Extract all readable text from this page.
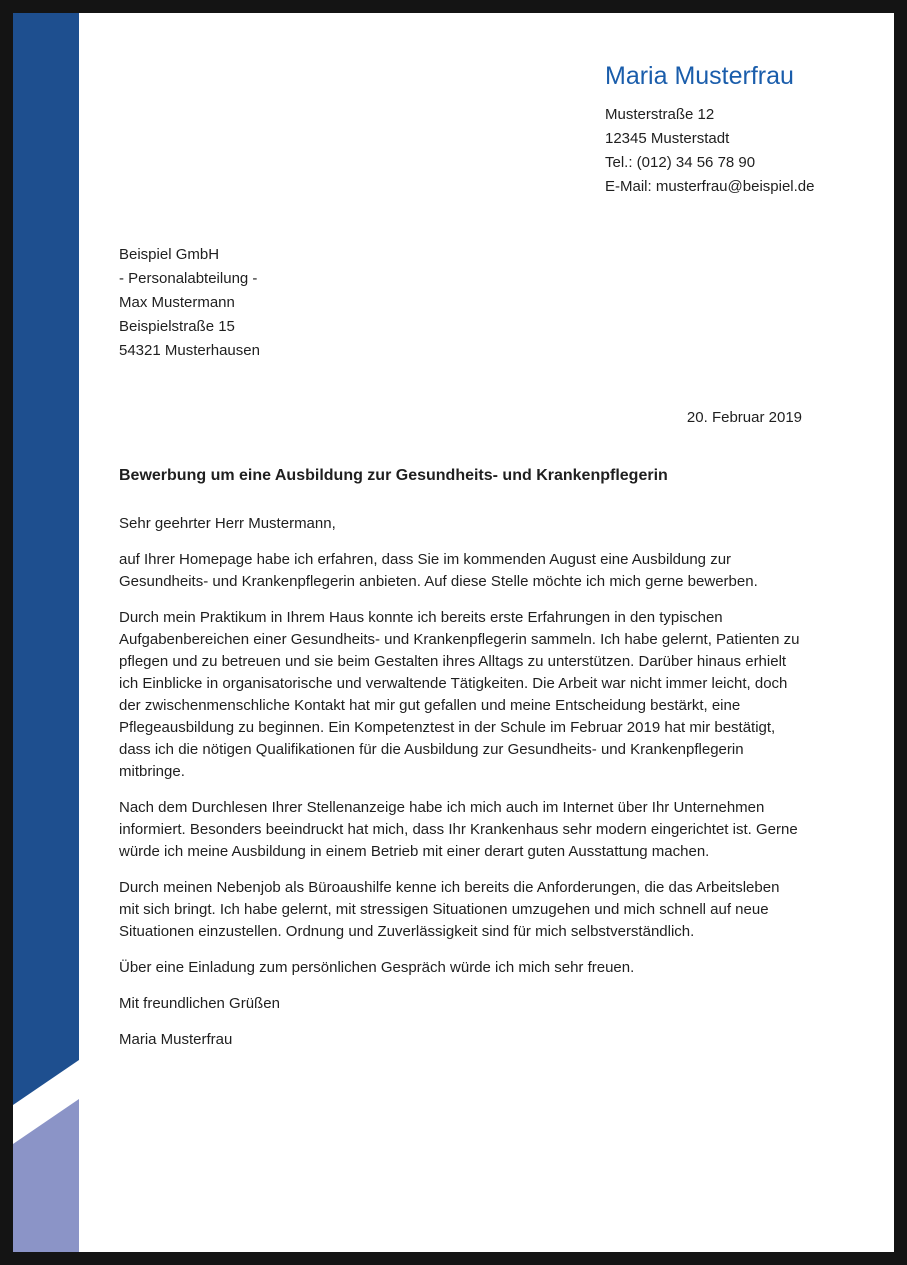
Maria Musterfrau
Musterstraße 12
12345 Musterstadt
Tel.: (012) 34 56 78 90
E-Mail: musterfrau@beispiel.de
Beispiel GmbH
- Personalabteilung -
Max Mustermann
Beispielstraße 15
54321 Musterhausen
20. Februar 2019
Bewerbung um eine Ausbildung zur Gesundheits- und Krankenpflegerin

Sehr geehrter Herr Mustermann,

auf Ihrer Homepage habe ich erfahren, dass Sie im kommenden August eine Ausbildung zur Gesundheits- und Krankenpflegerin anbieten. Auf diese Stelle möchte ich mich gerne bewerben.

Durch mein Praktikum in Ihrem Haus konnte ich bereits erste Erfahrungen in den typischen Aufgabenbereichen einer Gesundheits- und Krankenpflegerin sammeln. Ich habe gelernt, Patienten zu pflegen und zu betreuen und sie beim Gestalten ihres Alltags zu unterstützen. Darüber hinaus erhielt ich Einblicke in organisatorische und verwaltende Tätigkeiten. Die Arbeit war nicht immer leicht, doch der zwischenmenschliche Kontakt hat mir gut gefallen und meine Entscheidung bestärkt, eine Pflegeausbildung zu beginnen. Ein Kompetenztest in der Schule im Februar 2019 hat mir bestätigt, dass ich die nötigen Qualifikationen für die Ausbildung zur Gesundheits- und Krankenpflegerin mitbringe.

Nach dem Durchlesen Ihrer Stellenanzeige habe ich mich auch im Internet über Ihr Unternehmen informiert. Besonders beeindruckt hat mich, dass Ihr Krankenhaus sehr modern eingerichtet ist. Gerne würde ich meine Ausbildung in einem Betrieb mit einer derart guten Ausstattung machen.

Durch meinen Nebenjob als Büroaushilfe kenne ich bereits die Anforderungen, die das Arbeitsleben mit sich bringt. Ich habe gelernt, mit stressigen Situationen umzugehen und mich schnell auf neue Situationen einzustellen. Ordnung und Zuverlässigkeit sind für mich selbstverständlich.

Über eine Einladung zum persönlichen Gespräch würde ich mich sehr freuen.

Mit freundlichen Grüßen

Maria Musterfrau
